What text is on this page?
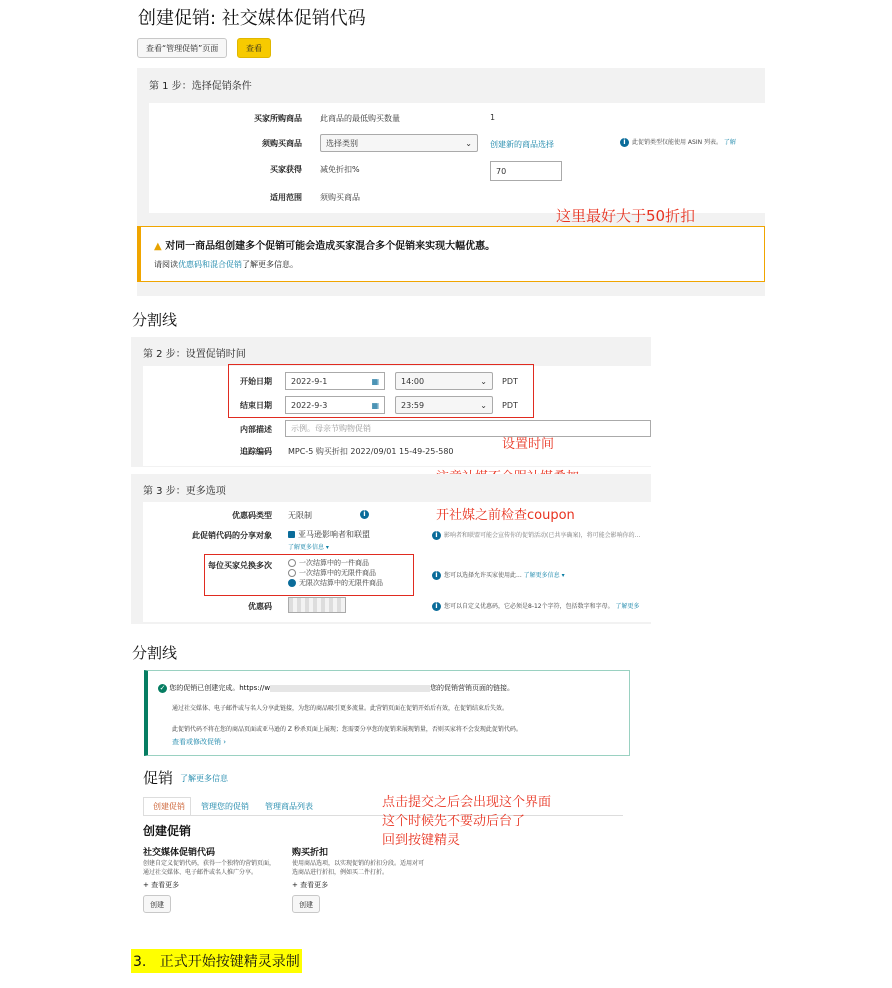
创建促销: 社交媒体促销代码
查看“管理促销”页面	查看
第 1 步：选择促销条件
买家所购商品 此商品的最低购买数量	1
须购买商品	选择类别	⌄ 创建新的商品选择	i 此促销类型仅能使用 ASIN 列表。 了解
买家获得 减免折扣%	70
适用范围 须购买商品
这里最好大于50折扣
▲ 对同一商品组创建多个促销可能会造成买家混合多个促销来实现大幅优惠。
请阅读优惠码和混合促销了解更多信息。
分割线
第 2 步：设置促销时间
开始日期 2022-9-1	▦	14:00	⌄ PDT
结束日期 2022-9-3	▦	23:59	⌄ PDT
内部描述 示例。母亲节购物促销
追踪编码 MPC-5 购买折扣 2022/09/01 15-49-25-580	设置时间
第 3 步：更多选项
开社媒之前检查coupon
优惠码类型 无限制	i
此促销代码的分享对象	亚马逊影响者和联盟
了解更多信息 ▾
i 影响者和联盟可能会宣传你的促销活动(已共享确案)，将可能会影响你的...
每位买家兑换多次	一次结算中的一件商品
一次结算中的无限件商品
无限次结算中的无限件商品
i 您可以选择允许买家使用此... 了解更多信息 ▾
优惠码	i 您可以自定义优惠码，它必须是8-12个字符，包括数字和字母。 了解更多
分割线
✓ 您的促销已创建完成。https://w	您的促销营销页面的链接。
通过社交媒体、电子邮件或与名人分享此链接，为您的商品吸引更多流量。此营销页面在促销开始后有效，在促销结束后失效。
此促销代码不将在您的商品页面或亚马逊的 Z 秒杀页面上展现；您需要分享您的促销来展现销量，否则买家将不会发现此促销代码。
查看或修改促销 ›
促销 了解更多信息
创建促销 管理您的促销 管理商品列表
创建促销
社交媒体促销代码
创建自定义促销代码，获得一个独特的营销页面，通过社交媒体、电子邮件或名人推广分享。
+ 查看更多
创建
购买折扣
使用商品选项，以实现促销的折扣分段。适用对可选商品进行折扣，例如买二件打折。
+ 查看更多
创建
点击提交之后会出现这个界面
这个时候先不要动后台了
回到按键精灵
3.   正式开始按键精灵录制
